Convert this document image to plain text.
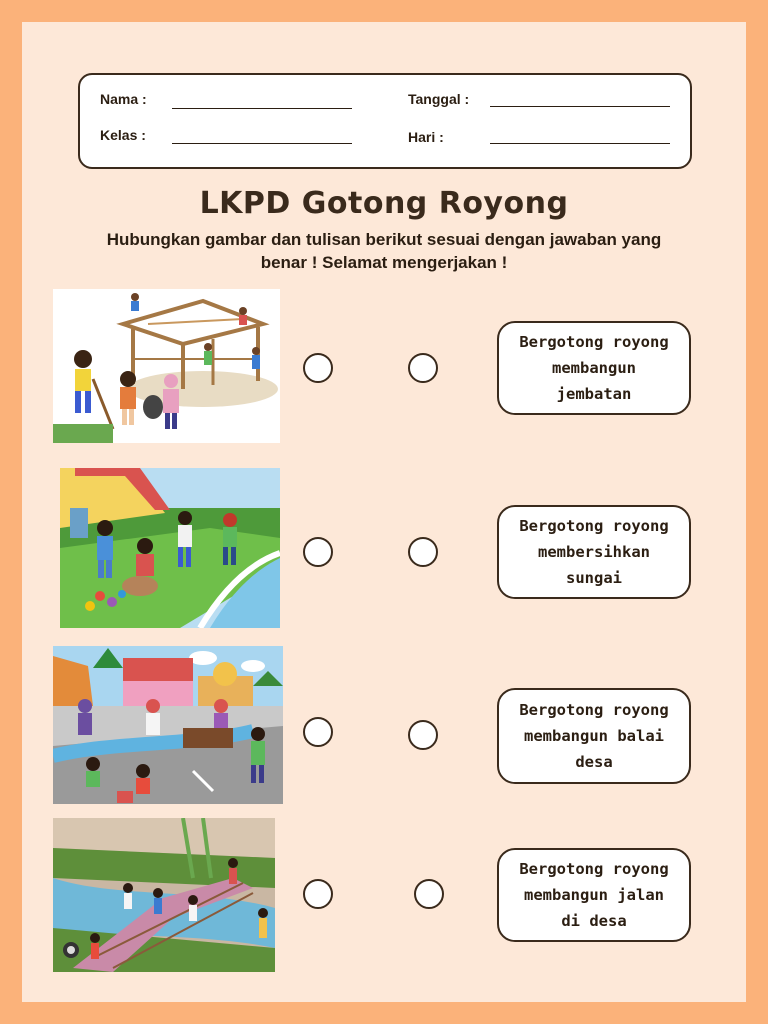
Nama :	Tanggal :
Kelas :	Hari :
LKPD Gotong Royong
Hubungkan gambar dan tulisan berikut sesuai dengan jawaban yang benar ! Selamat mengerjakan !
Bergotong royong
membangun
jembatan
Bergotong royong
membersihkan
sungai
Bergotong royong
membangun balai
desa
Bergotong royong
membangun jalan
di desa
